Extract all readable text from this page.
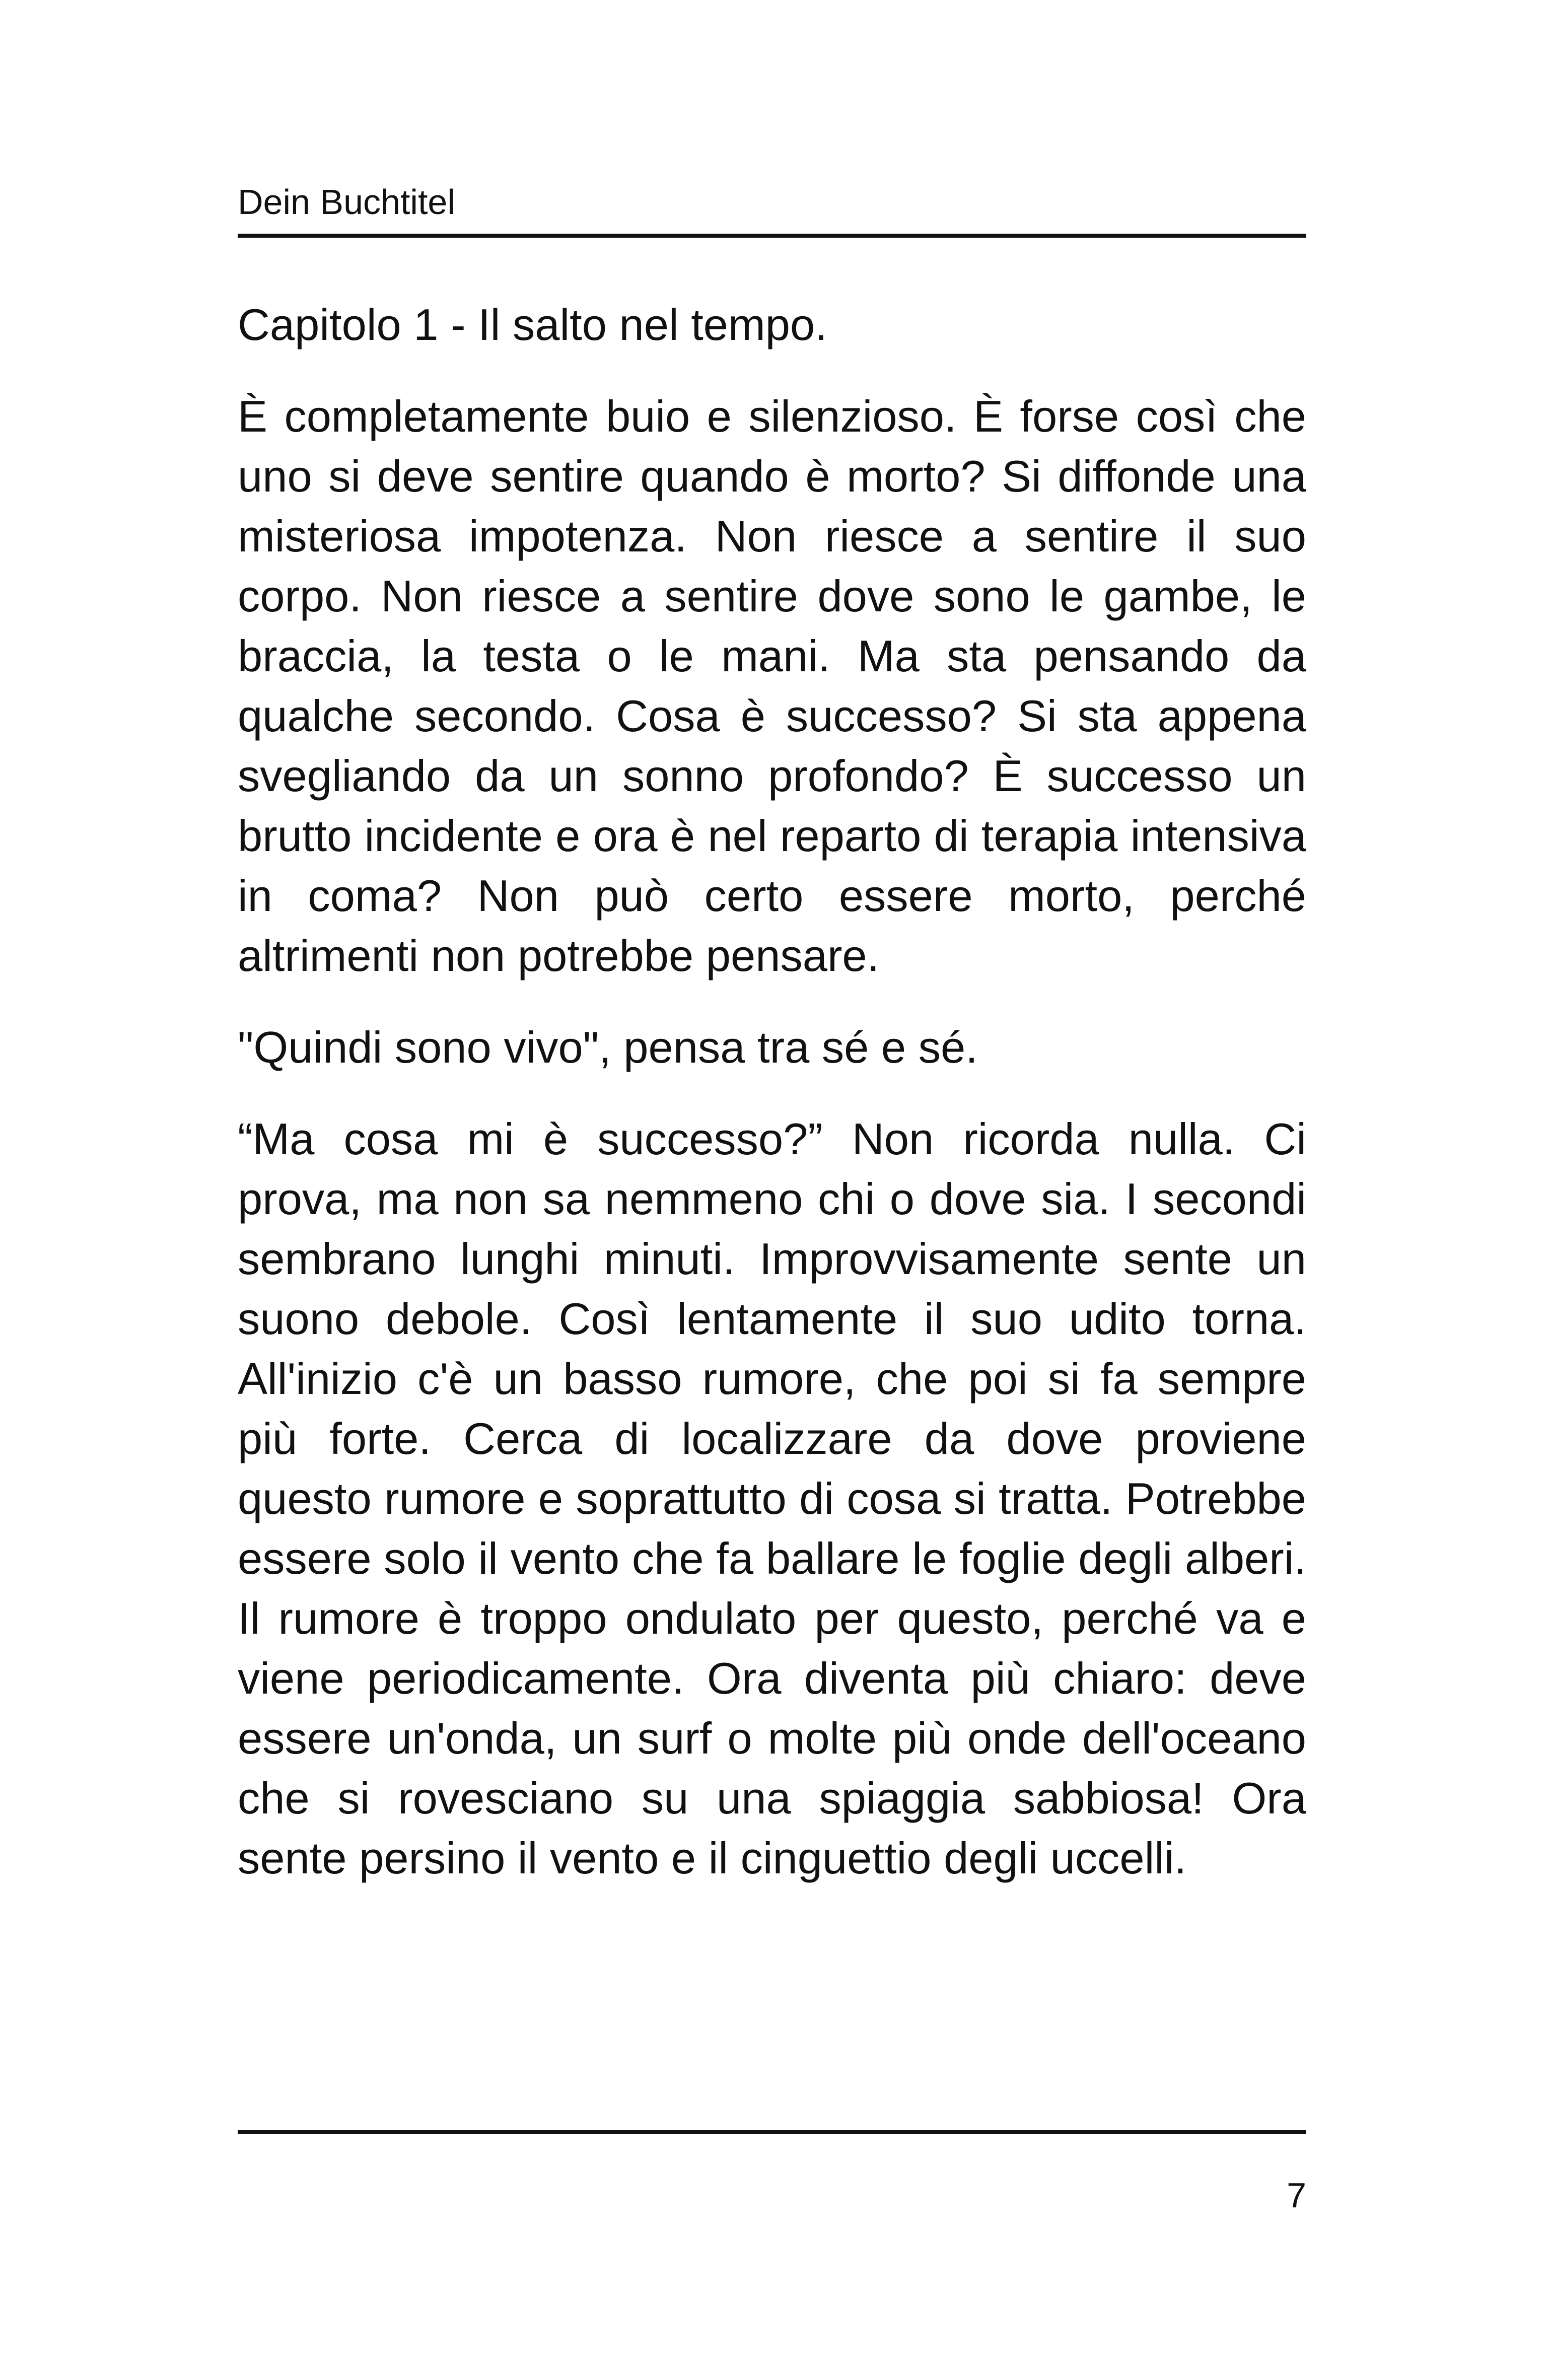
Dein Buchtitel

Capitolo 1 - Il salto nel tempo.

È completamente buio e silenzioso. È forse così che uno si deve sentire quando è morto? Si diffonde una misteriosa impotenza. Non riesce a sentire il suo corpo. Non riesce a sentire dove sono le gambe, le braccia, la testa o le mani. Ma sta pensando da qualche secondo. Cosa è successo? Si sta appena svegliando da un sonno profondo? È successo un brutto incidente e ora è nel reparto di terapia intensiva in coma? Non può certo essere morto, perché altrimenti non potrebbe pensare.

"Quindi sono vivo", pensa tra sé e sé.

“Ma cosa mi è successo?” Non ricorda nulla. Ci prova, ma non sa nemmeno chi o dove sia. I secondi sembrano lunghi minuti. Improvvisamente sente un suono debole. Così lentamente il suo udito torna. All'inizio c'è un basso rumore, che poi si fa sempre più forte. Cerca di localizzare da dove proviene questo rumore e soprattutto di cosa si tratta. Potrebbe essere solo il vento che fa ballare le foglie degli alberi. Il rumore è troppo ondulato per questo, perché va e viene periodicamente. Ora diventa più chiaro: deve essere un'onda, un surf o molte più onde dell'oceano che si rovesciano su una spiaggia sabbiosa! Ora sente persino il vento e il cinguettio degli uccelli.

7
